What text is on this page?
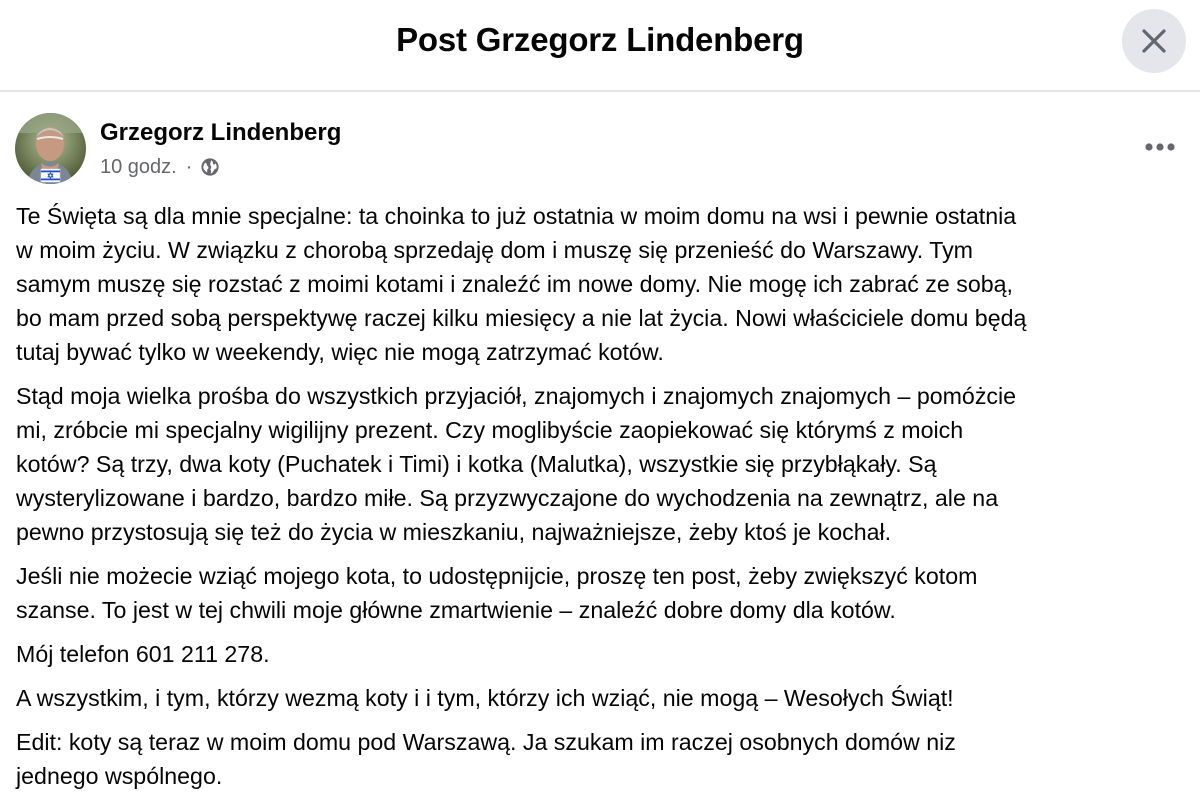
Post Grzegorz Lindenberg
Grzegorz Lindenberg
10 godz. ·

Te Święta są dla mnie specjalne: ta choinka to już ostatnia w moim domu na wsi i pewnie ostatnia
w moim życiu. W związku z chorobą sprzedaję dom i muszę się przenieść do Warszawy. Tym
samym muszę się rozstać z moimi kotami i znaleźć im nowe domy. Nie mogę ich zabrać ze sobą,
bo mam przed sobą perspektywę raczej kilku miesięcy a nie lat życia. Nowi właściciele domu będą
tutaj bywać tylko w weekendy, więc nie mogą zatrzymać kotów.

Stąd moja wielka prośba do wszystkich przyjaciół, znajomych i znajomych znajomych – pomóżcie
mi, zróbcie mi specjalny wigilijny prezent. Czy moglibyście zaopiekować się którymś z moich
kotów? Są trzy, dwa koty (Puchatek i Timi) i kotka (Malutka), wszystkie się przybłąkały. Są
wysterylizowane i bardzo, bardzo miłe. Są przyzwyczajone do wychodzenia na zewnątrz, ale na
pewno przystosują się też do życia w mieszkaniu, najważniejsze, żeby ktoś je kochał.

Jeśli nie możecie wziąć mojego kota, to udostępnijcie, proszę ten post, żeby zwiększyć kotom
szanse. To jest w tej chwili moje główne zmartwienie – znaleźć dobre domy dla kotów.

Mój telefon 601 211 278.

A wszystkim, i tym, którzy wezmą koty i i tym, którzy ich wziąć, nie mogą – Wesołych Świąt!

Edit: koty są teraz w moim domu pod Warszawą. Ja szukam im raczej osobnych domów niz
jednego wspólnego.
